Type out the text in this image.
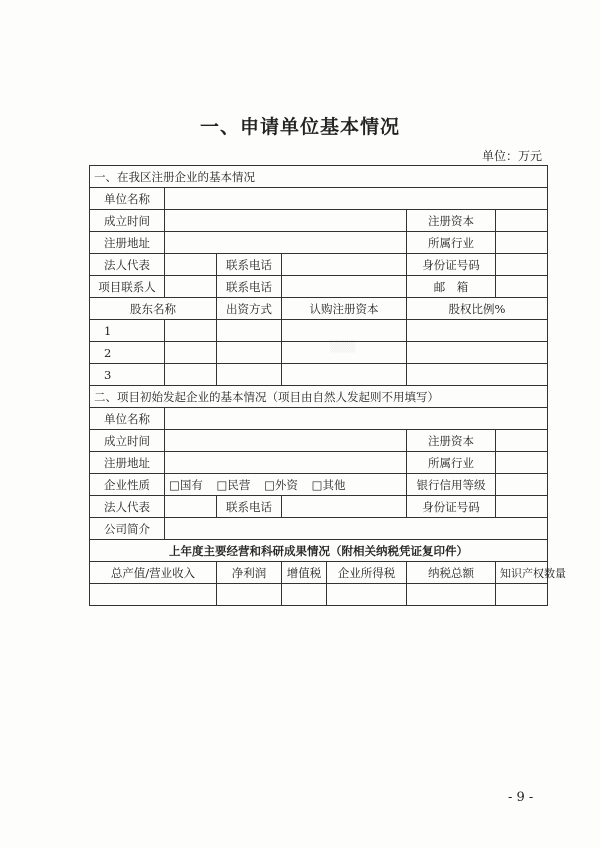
▒▒▒
一、申请单位基本情况
单位：万元
一、在我区注册企业的基本情况						
单位名称						
成立时间					注册资本	
注册地址					所属行业	
法人代表		联系电话			身份证号码	
项目联系人		联系电话			邮　箱	
股东名称		出资方式	认购注册资本		股权比例%	
1						
2						
3						
二、项目初始发起企业的基本情况（项目由自然人发起则不用填写）						
单位名称						
成立时间					注册资本	
注册地址					所属行业	
企业性质	□国有 □民营 □外资 □其他				银行信用等级	
法人代表		联系电话			身份证号码	
公司简介						
上年度主要经营和科研成果情况（附相关纳税凭证复印件）						
总产值/营业收入		净利润	增值税	企业所得税	纳税总额	知识产权数量

- 9 -
